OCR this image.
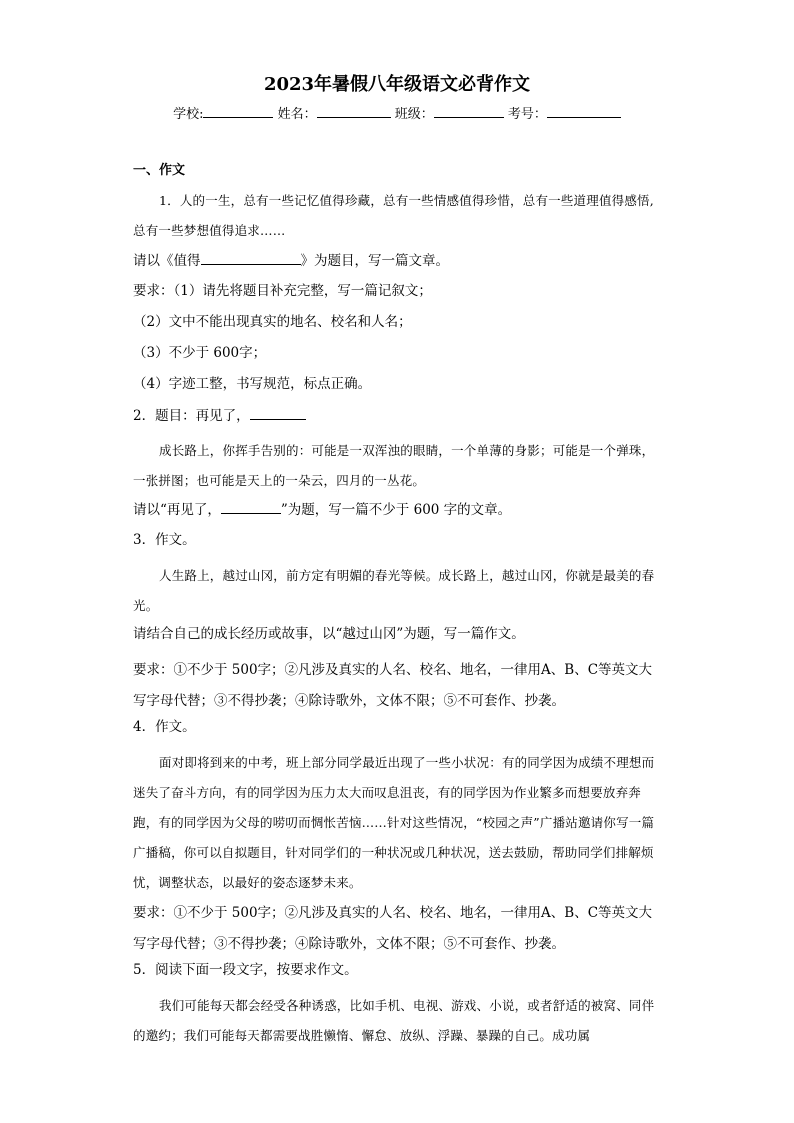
2023年暑假八年级语文必背作文
学校:	姓名：	班级：	考号：

一、作文

1．人的一生，总有一些记忆值得珍藏，总有一些情感值得珍惜，总有一些道理值得感悟,总有一些梦想值得追求……

请以《值得	》为题目，写一篇文章。

要求：（1）请先将题目补充完整，写一篇记叙文；

（2）文中不能出现真实的地名、校名和人名；

（3）不少于 600字；

（4）字迹工整，书写规范，标点正确。

2．题目：再见了，

成长路上，你挥手告别的：可能是一双浑浊的眼睛，一个单薄的身影；可能是一个弹珠，一张拼图；也可能是天上的一朵云，四月的一丛花。

请以“再见了，	”为题，写一篇不少于 600 字的文章。

3．作文。

人生路上，越过山冈，前方定有明媚的春光等候。成长路上，越过山冈，你就是最美的春光。

请结合自己的成长经历或故事，以“越过山冈”为题，写一篇作文。

要求：①不少于 500字；②凡涉及真实的人名、校名、地名，一律用A、B、C等英文大写字母代替；③不得抄袭；④除诗歌外，文体不限；⑤不可套作、抄袭。

4．作文。

面对即将到来的中考，班上部分同学最近出现了一些小状况：有的同学因为成绩不理想而迷失了奋斗方向，有的同学因为压力太大而叹息沮丧，有的同学因为作业繁多而想要放弃奔跑，有的同学因为父母的唠叨而惆怅苦恼……针对这些情况，“校园之声”广播站邀请你写一篇广播稿，你可以自拟题目，针对同学们的一种状况或几种状况，送去鼓励，帮助同学们排解烦忧，调整状态，以最好的姿态逐梦未来。

要求：①不少于 500字；②凡涉及真实的人名、校名、地名，一律用A、B、C等英文大写字母代替；③不得抄袭；④除诗歌外，文体不限；⑤不可套作、抄袭。

5．阅读下面一段文字，按要求作文。

我们可能每天都会经受各种诱惑，比如手机、电视、游戏、小说，或者舒适的被窝、同伴的邀约；我们可能每天都需要战胜懒惰、懈怠、放纵、浮躁、暴躁的自己。成功属
